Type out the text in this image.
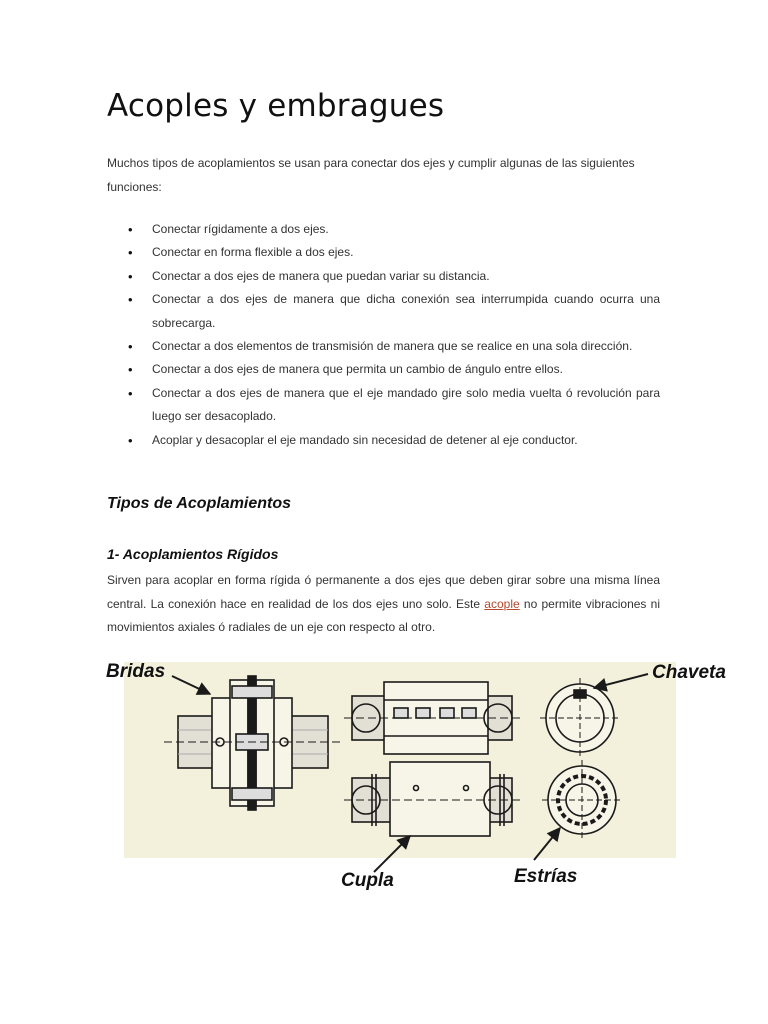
Acoples y embragues

Muchos tipos de acoplamientos se usan para conectar dos ejes y cumplir algunas de las siguientes funciones:

• Conectar rígidamente a dos ejes.
• Conectar en forma flexible a dos ejes.
• Conectar a dos ejes de manera que puedan variar su distancia.
• Conectar a dos ejes de manera que dicha conexión sea interrumpida cuando ocurra una sobrecarga.
• Conectar a dos elementos de transmisión de manera que se realice en una sola dirección.
• Conectar a dos ejes de manera que permita un cambio de ángulo entre ellos.
• Conectar a dos ejes de manera que el eje mandado gire solo media vuelta ó revolución para luego ser desacoplado.
• Acoplar y desacoplar el eje mandado sin necesidad de detener al eje conductor.
Tipos de Acoplamientos
1- Acoplamientos Rígidos

Sirven para acoplar en forma rígida ó permanente a dos ejes que deben girar sobre una misma línea central. La conexión hace en realidad de los dos ejes uno solo. Este acople no permite vibraciones ni movimientos axiales ó radiales de un eje con respecto al otro.

Bridas	Chaveta
Cupla	Estrías
